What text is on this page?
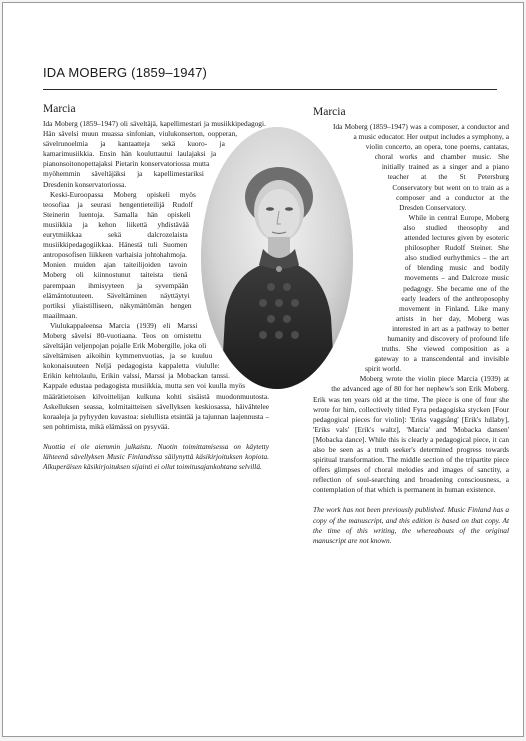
IDA MOBERG (1859–1947)
Marcia

Ida Moberg (1859–1947) oli säveltäjä, kapellimestari ja musiikkipedagogi. Hän sävelsi muun muassa sinfonian, viulukonserton, oopperan, sävelrunoelmia ja kantaatteja sekä kuoro- ja kamarimusiikkia. Ensin hän kouluttautui laulajaksi ja pianonsoitonopettajaksi Pietarin konservatoriossa mutta myöhemmin säveltäjäksi ja kapellimestariksi Dresdenin konservatoriossa.

Keski-Euroopassa Moberg opiskeli myös teosofiaa ja seurasi hengentieteilijä Rudolf Steinerin luentoja. Samalla hän opiskeli musiikkia ja kehon liikettä yhdistävää eurytmiikkaa sekä dalcrozelaista musiikkipedagogiikkaa. Hänestä tuli Suomen antroposofisen liikkeen varhaisia johtohahmoja. Monien muiden ajan taiteilijoiden tavoin Moberg oli kiinnostunut taiteista tienä parempaan ihmisyyteen ja syvempään elämäntotuuteen. Säveltäminen näyttäytyi portiksi yliaistilliseen, näkymättömän hengen maailmaan.

Viulukappaleensa Marcia (1939) eli Marssi Moberg sävelsi 80-vuotiaana. Teos on omistettu säveltäjän veljenpojan pojalle Erik Mobergille, joka oli säveltämisen aikoihin kymmenvuotias, ja se kuuluu kokonaisuuteen Neljä pedagogista kappaletta viululle: Erikin kehtolaulu, Erikin valssi, Marssi ja Mobackan tanssi. Kappale edustaa pedagogista musiikkia, mutta sen voi kuulla myös määrätietoisen kilvoittelijan kulkuna kohti sisäistä muodonmuutosta. Askelluksen seassa, kolmitaitteisen sävellyksen keskiosassa, häivähtelee koraaleja ja pyhyyden kuvastoa: sielullista etsintää ja tajunnan laajennusta – sen pohtimista, mikä elämässä on pysyvää.

Nuottia ei ole aiemmin julkaistu. Nuotin toimittamisessa on käytetty lähteenä sävellyksen Music Finlandissa säilynyttä käsikirjoituksen kopiota. Alkuperäisen käsikirjoituksen sijainti ei ollut toimitusajankohtana selvillä.

Marcia

Ida Moberg (1859–1947) was a composer, a conductor and a music educator. Her output includes a symphony, a violin concerto, an opera, tone poems, cantatas, choral works and chamber music. She initially trained as a singer and a piano teacher at the St Petersburg Conservatory but went on to train as a composer and a conductor at the Dresden Conservatory.

While in central Europe, Moberg also studied theosophy and attended lectures given by esoteric philosopher Rudolf Steiner. She also studied eurhythmics – the art of blending music and bodily movements – and Dalcroze music pedagogy. She became one of the early leaders of the anthroposophy movement in Finland. Like many artists in her day, Moberg was interested in art as a pathway to better humanity and discovery of profound life truths. She viewed composition as a gateway to a transcendental and invisible spirit world.

Moberg wrote the violin piece Marcia (1939) at the advanced age of 80 for her nephew's son Erik Moberg. Erik was ten years old at the time. The piece is one of four she wrote for him, collectively titled Fyra pedagogiska stycken [Four pedagogical pieces for violin]: 'Eriks vaggsång' [Erik's lullaby], 'Eriks vals' [Erik's waltz], 'Marcia' and 'Mobacka dansen' [Mobacka dance]. While this is clearly a pedagogical piece, it can also be seen as a truth seeker's determined progress towards spiritual transformation. The middle section of the tripartite piece offers glimpses of choral melodies and images of sanctity, a reflection of soul-searching and broadening consciousness, a contemplation of that which is permanent in human existence.

The work has not been previously published. Music Finland has a copy of the manuscript, and this edition is based on that copy. At the time of this writing, the whereabouts of the original manuscript are not known.
